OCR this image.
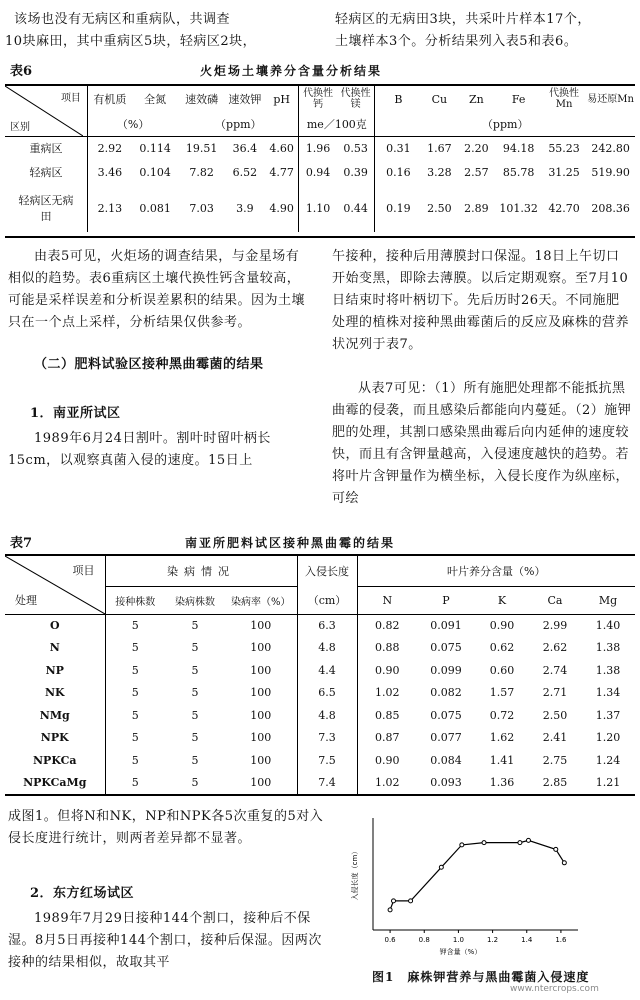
该场也没有无病区和重病队，共调查
10块麻田，其中重病区5块，轻病区2块，
轻病区的无病田3块，共采叶片样本17个，
土壤样本3个。分析结果列入表5和表6。
表6	火炬场土壤养分含量分析结果
项目
区别	有机质	全氮	速效磷	速效钾	pH	代换性钙	代换性镁	B	Cu	Zn	Fe	代换性Mn	易还原Mn
	（%）		（ppm）			me／100克		（ppm）					
重病区	2.92	0.114	19.51	36.4	4.60	1.96	0.53	0.31	1.67	2.20	94.18	55.23	242.80
轻病区	3.46	0.104	7.82	6.52	4.77	0.94	0.39	0.16	3.28	2.57	85.78	31.25	519.90
轻病区无病田	2.13	0.081	7.03	3.9	4.90	1.10	0.44	0.19	2.50	2.89	101.32	42.70	208.36
由表5可见，火炬场的调查结果，与金星场有相似的趋势。表6重病区土壤代换性钙含量较高，可能是采样误差和分析误差累积的结果。因为土壤只在一个点上采样，分析结果仅供参考。
（二）肥料试验区接种黑曲霉菌的结果
1．南亚所试区
1989年6月24日割叶。割叶时留叶柄长15cm，以观察真菌入侵的速度。15日上
午接种，接种后用薄膜封口保湿。18日上午切口开始变黑，即除去薄膜。以后定期观察。至7月10日结束时将叶柄切下。先后历时26天。不同施肥处理的植株对接种黑曲霉菌后的反应及麻株的营养状况列于表7。
从表7可见：（1）所有施肥处理都不能抵抗黑曲霉的侵袭，而且感染后都能向内蔓延。（2）施钾肥的处理，其割口感染黑曲霉后向内延伸的速度较快，而且有含钾量越高，入侵速度越快的趋势。若将叶片含钾量作为横坐标，入侵长度作为纵座标，可绘
表7	南亚所肥料试区接种黑曲霉的结果
项目
处理	染病情况			入侵长度	叶片养分含量（%）				
	接种株数	染病株数	染病率（%）	（cm）	N	P	K	Ca	Mg
O	5	5	100	6.3	0.82	0.091	0.90	2.99	1.40
N	5	5	100	4.8	0.88	0.075	0.62	2.62	1.38
NP	5	5	100	4.4	0.90	0.099	0.60	2.74	1.38
NK	5	5	100	6.5	1.02	0.082	1.57	2.71	1.34
NMg	5	5	100	4.8	0.85	0.075	0.72	2.50	1.37
NPK	5	5	100	7.3	0.87	0.077	1.62	2.41	1.20
NPKCa	5	5	100	7.5	0.90	0.084	1.41	2.75	1.24
NPKCaMg	5	5	100	7.4	1.02	0.093	1.36	2.85	1.21
成图1。但将N和NK，NP和NPK各5次重复的5对入侵长度进行统计，则两者差异都不显著。
2．东方红场试区
1989年7月29日接种144个割口，接种后不保湿。8月5日再接种144个割口，接种后保湿。因两次接种的结果相似，故取其平
0.6	0.8	1.0	1.2	1.4	1.6
钾含量（%）
入侵长度（cm）
图1　麻株钾营养与黑曲霉菌入侵速度
www.ntercrops.com
